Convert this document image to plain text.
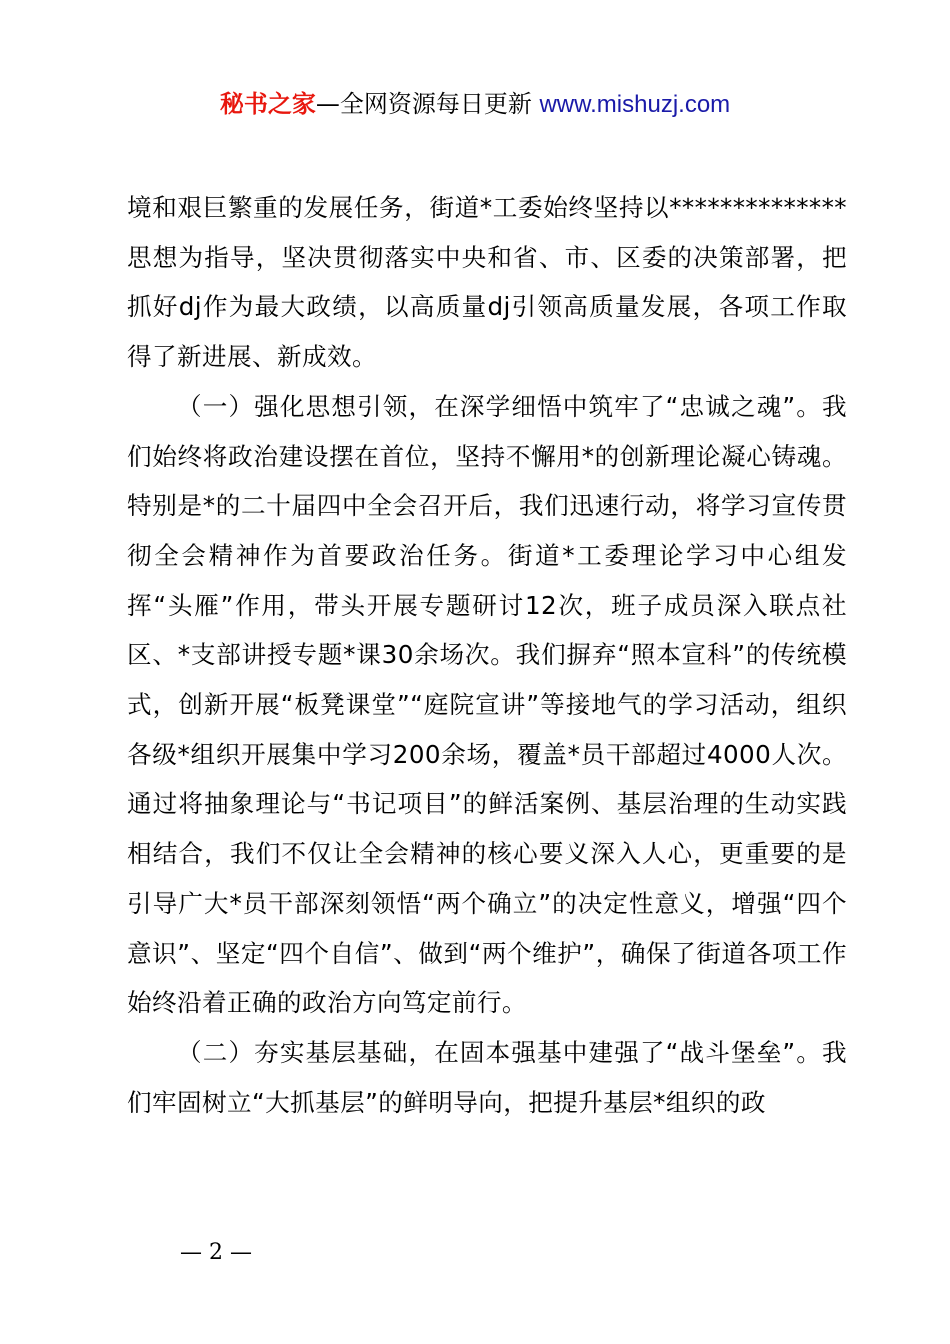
秘书之家—全网资源每日更新 www.mishuzj.com

境和艰巨繁重的发展任务，街道*工委始终坚持以**************思想为指导，坚决贯彻落实中央和省、市、区委的决策部署，把抓好dj作为最大政绩，以高质量dj引领高质量发展，各项工作取得了新进展、新成效。

（一）强化思想引领，在深学细悟中筑牢了“忠诚之魂”。我们始终将政治建设摆在首位，坚持不懈用*的创新理论凝心铸魂。特别是*的二十届四中全会召开后，我们迅速行动，将学习宣传贯彻全会精神作为首要政治任务。街道*工委理论学习中心组发挥“头雁”作用，带头开展专题研讨12次，班子成员深入联点社区、*支部讲授专题*课30余场次。我们摒弃“照本宣科”的传统模式，创新开展“板凳课堂”“庭院宣讲”等接地气的学习活动，组织各级*组织开展集中学习200余场，覆盖*员干部超过4000人次。通过将抽象理论与“书记项目”的鲜活案例、基层治理的生动实践相结合，我们不仅让全会精神的核心要义深入人心，更重要的是引导广大*员干部深刻领悟“两个确立”的决定性意义，增强“四个意识”、坚定“四个自信”、做到“两个维护”，确保了街道各项工作始终沿着正确的政治方向笃定前行。

（二）夯实基层基础，在固本强基中建强了“战斗堡垒”。我们牢固树立“大抓基层”的鲜明导向，把提升基层*组织的政

— 2 —
